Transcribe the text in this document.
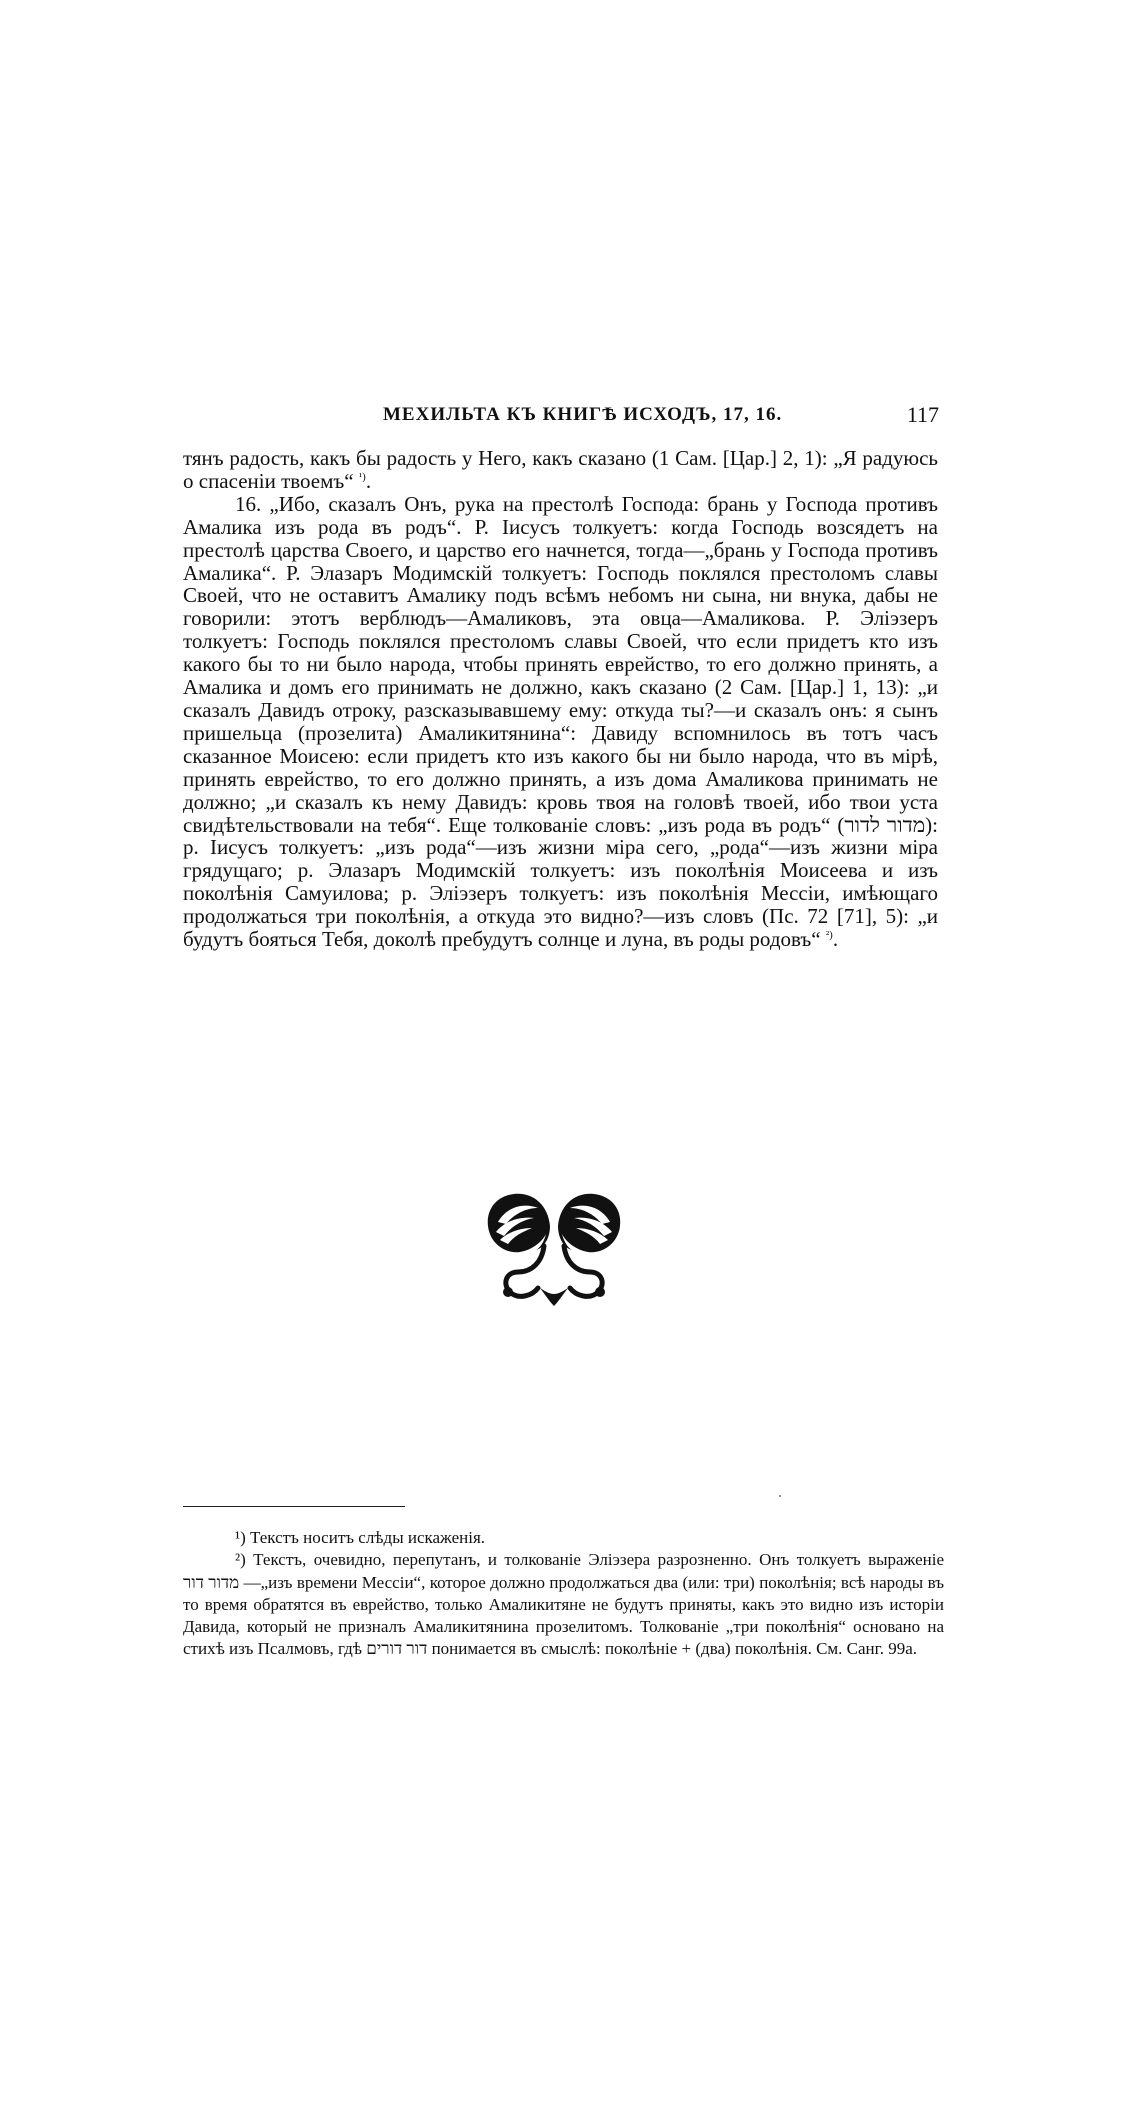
МЕХИЛЬТА КЪ КНИГѢ ИСХОДЪ, 17, 16.	117

тянъ радость, какъ бы радость у Него, какъ сказано (1 Сам. [Цар.] 2, 1): „Я радуюсь о спасеніи твоемъ“ $^{^1)}$.

16. „Ибо, сказалъ Онъ, рука на престолѣ Господа: брань у Господа противъ Амалика изъ рода въ родъ“. Р. Іисусъ толкуетъ: когда Господь возсядетъ на престолѣ царства Своего, и царство его начнется, тогда—„брань у Господа противъ Амалика“. Р. Элазаръ Модимскій толкуетъ: Господь поклялся престоломъ славы Своей, что не оставитъ Амалику подъ всѣмъ небомъ ни сына, ни внука, дабы не говорили: этотъ верблюдъ—Амаликовъ, эта овца—Амаликова. Р. Эліэзеръ толкуетъ: Господь поклялся престоломъ славы Своей, что если придетъ кто изъ какого бы то ни было народа, чтобы принять еврейство, то его должно принять, а Амалика и домъ его принимать не должно, какъ сказано (2 Сам. [Цар.] 1, 13): „и сказалъ Давидъ отроку, разсказывавшему ему: откуда ты?—и сказалъ онъ: я сынъ пришельца (прозелита) Амаликитянина“: Давиду вспомнилось въ тотъ часъ сказанное Моисею: если придетъ кто изъ какого бы ни было народа, что въ мірѣ, принять еврейство, то его должно принять, а изъ дома Амаликова принимать не должно; „и сказалъ къ нему Давидъ: кровь твоя на головѣ твоей, ибо твои уста свидѣтельствовали на тебя“. Еще толкованіе словъ: „изъ рода въ родъ“ (מדור לדור): р. Іисусъ толкуетъ: „изъ рода“—изъ жизни міра сего, „рода“—изъ жизни міра грядущаго; р. Элазаръ Модимскій толкуетъ: изъ поколѣнія Моисеева и изъ поколѣнія Самуилова; р. Эліэзеръ толкуетъ: изъ поколѣнія Мессіи, имѣющаго продолжаться три поколѣнія, а откуда это видно?—изъ словъ (Пс. 72 [71], 5): „и будутъ бояться Тебя, доколѣ пребудутъ солнце и луна, въ роды родовъ“ $^{^2)}$.

¹) Текстъ носитъ слѣды искаженія.

²) Текстъ, очевидно, перепутанъ, и толкованіе Эліэзера разрозненно. Онъ толкуетъ выраженіе מדור דור —„изъ времени Мессіи“, которое должно продолжаться два (или: три) поколѣнія; всѣ народы въ то время обратятся въ еврейство, только Амаликитяне не будутъ приняты, какъ это видно изъ исторіи Давида, который не призналъ Амаликитянина прозелитомъ. Толкованіе „три поколѣнія“ основано на стихѣ изъ Псалмовъ, гдѣ דור דורים понимается въ смыслѣ: поколѣніе + (два) поколѣнія. См. Санг. 99a.
